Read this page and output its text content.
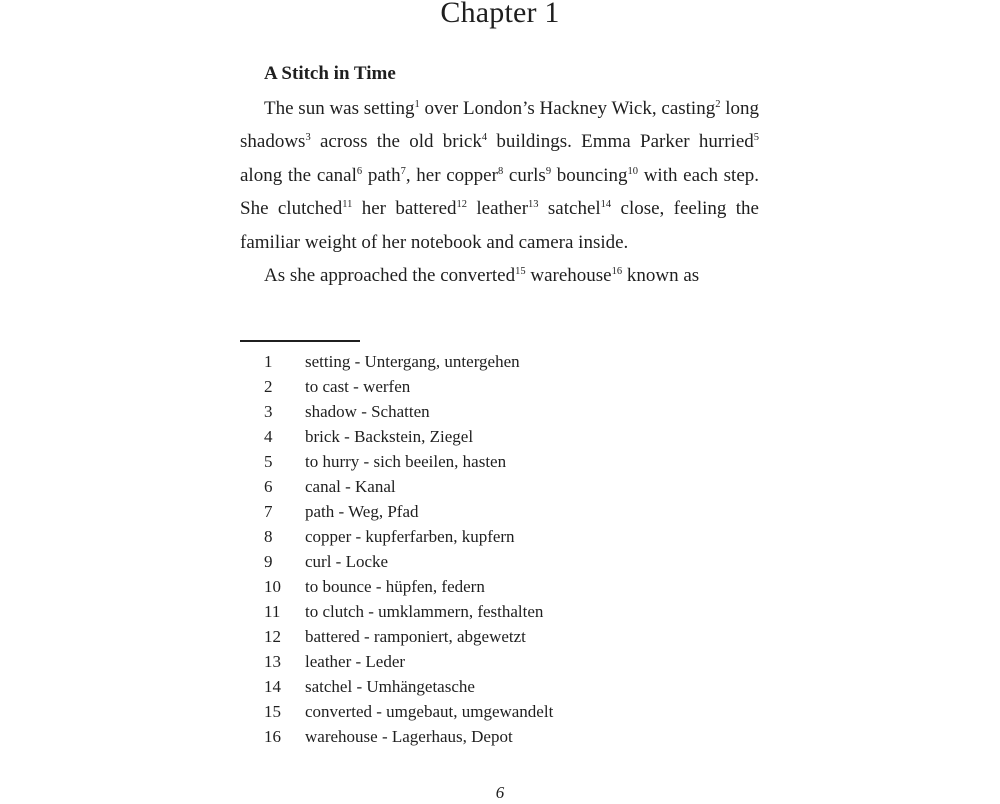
Chapter 1
A Stitch in Time

The sun was setting$^1$ over London’s Hackney Wick, casting$^2$ long shadows$^3$ across the old brick$^4$ buildings. Emma Parker hurried$^5$ along the canal$^6$ path$^7$, her copper$^8$ curls$^9$ bouncing$^{10}$ with each step. She clutched$^{11}$ her battered$^{12}$ leather$^{13}$ satchel$^{14}$ close, feeling the familiar weight of her notebook and camera inside.

As she approached the converted$^{15}$ warehouse$^{16}$ known as

1	setting - Untergang, untergehen
2	to cast - werfen
3	shadow - Schatten
4	brick - Backstein, Ziegel
5	to hurry - sich beeilen, hasten
6	canal - Kanal
7	path - Weg, Pfad
8	copper - kupferfarben, kupfern
9	curl - Locke
10	to bounce - hüpfen, federn
11	to clutch - umklammern, festhalten
12	battered - ramponiert, abgewetzt
13	leather - Leder
14	satchel - Umhängetasche
15	converted - umgebaut, umgewandelt
16	warehouse - Lagerhaus, Depot
6
